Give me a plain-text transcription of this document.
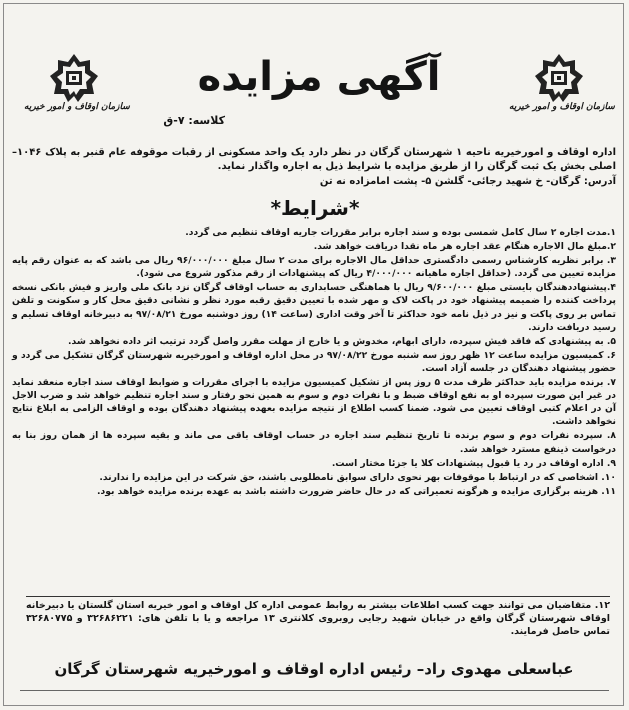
سازمان اوقاف و امور خیریه
آگهی مزایده
سازمان اوقاف و امور خیریه
کلاسه: ۷-ق
اداره اوقاف و امورخیریه ناحیه ۱ شهرستان گرگان در نظر دارد یک واحد مسکونی از رقبات موقوفه عام قنبر به پلاک ۱۰۴۶– اصلی بخش یک ثبت گرگان را از طریق مزایده با شرایط ذیل به اجاره واگذار نماید.
آدرس: گرگان- خ شهید رجائی- گلشن ۵- پشت امامزاده نه تن
*شرایط*

۱.مدت اجاره ۲ سال کامل شمسی بوده و سند اجاره برابر مقررات جاریه اوقاف تنظیم می گردد.

۲.مبلغ مال الاجاره هنگام عقد اجاره هر ماه نقدا دریافت خواهد شد.

۳. برابر نظریه کارشناس رسمی دادگستری حداقل مال الاجاره برای مدت ۲ سال مبلغ ۹۶/۰۰۰/۰۰۰ ریال می باشد که به عنوان رقم پایه مزایده تعیین می گردد. (حداقل اجاره ماهیانه ۴/۰۰۰/۰۰۰ ریال که پیشنهادات از رقم مذکور شروع می شود).

۴.پیشنهاددهندگان بایستی مبلغ ۹/۶۰۰/۰۰۰ ریال با هماهنگی حسابداری به حساب اوقاف گرگان نزد بانک ملی واریز و فیش بانکی نسخه پرداخت کننده را ضمیمه پیشنهاد خود در پاکت لاک و مهر شده با تعیین دقیق رقبه مورد نظر و نشانی دقیق محل کار و سکونت و تلفن تماس بر روی پاکت و نیز در ذیل نامه خود حداکثر تا آخر وقت اداری (ساعت ۱۴) روز دوشنبه مورخ ۹۷/۰۸/۲۱ به دبیرخانه اوقاف تسلیم و رسید دریافت دارند.

۵. به پیشنهادی که فاقد فیش سپرده، دارای ابهام، مخدوش و یا خارج از مهلت مقرر واصل گردد ترتیب اثر داده نخواهد شد.

۶. کمیسیون مزایده ساعت ۱۲ ظهر روز سه شنبه مورخ ۹۷/۰۸/۲۲ در محل اداره اوقاف و امورخیریه شهرستان گرگان تشکیل می گردد و حضور پیشنهاد دهندگان در جلسه آزاد است.

۷. برنده مزایده باید حداکثر ظرف مدت ۵ روز پس از تشکیل کمیسیون مزایده با اجرای مقررات و ضوابط اوقاف سند اجاره منعقد نماید در غیر این صورت سپرده او به نفع اوقاف ضبط و با نفرات دوم و سوم به همین نحو رفتار و سند اجاره تنظیم خواهد شد و ضرب الاجل آن در اعلام کتبی اوقاف تعیین می شود. ضمنا کسب اطلاع از نتیجه مزایده بعهده پیشنهاد دهندگان بوده و اوقاف الزامی به ابلاغ نتایج نخواهد داشت.

۸. سپرده نفرات دوم و سوم برنده تا تاریخ تنظیم سند اجاره در حساب اوقاف باقی می ماند و بقیه سپرده ها از همان روز بنا به درخواست ذینفع مسترد خواهد شد.

۹. اداره اوقاف در رد یا قبول پیشنهادات کلا یا جزئا مختار است.

۱۰. اشخاصی که در ارتباط با موقوفات بهر نحوی دارای سوابق نامطلوبی باشند، حق شرکت در این مزایده را ندارند.

۱۱. هزینه برگزاری مزایده و هرگونه تعمیراتی که در حال حاضر ضرورت داشته باشد به عهده برنده مزایده خواهد بود.

۱۲. متقاضیان می توانند جهت کسب اطلاعات بیشتر به روابط عمومی اداره کل اوقاف و امور خیریه استان گلستان یا دبیرخانه اوقاف شهرستان گرگان واقع در خیابان شهید رجایی روبروی کلانتری ۱۳ مراجعه و یا با تلفن های: ۳۲۶۸۶۲۲۱ و ۳۲۶۸۰۷۷۵ تماس حاصل فرمایند.
عباسعلی مهدوی راد– رئیس اداره اوقاف و امورخیریه شهرستان گرگان
